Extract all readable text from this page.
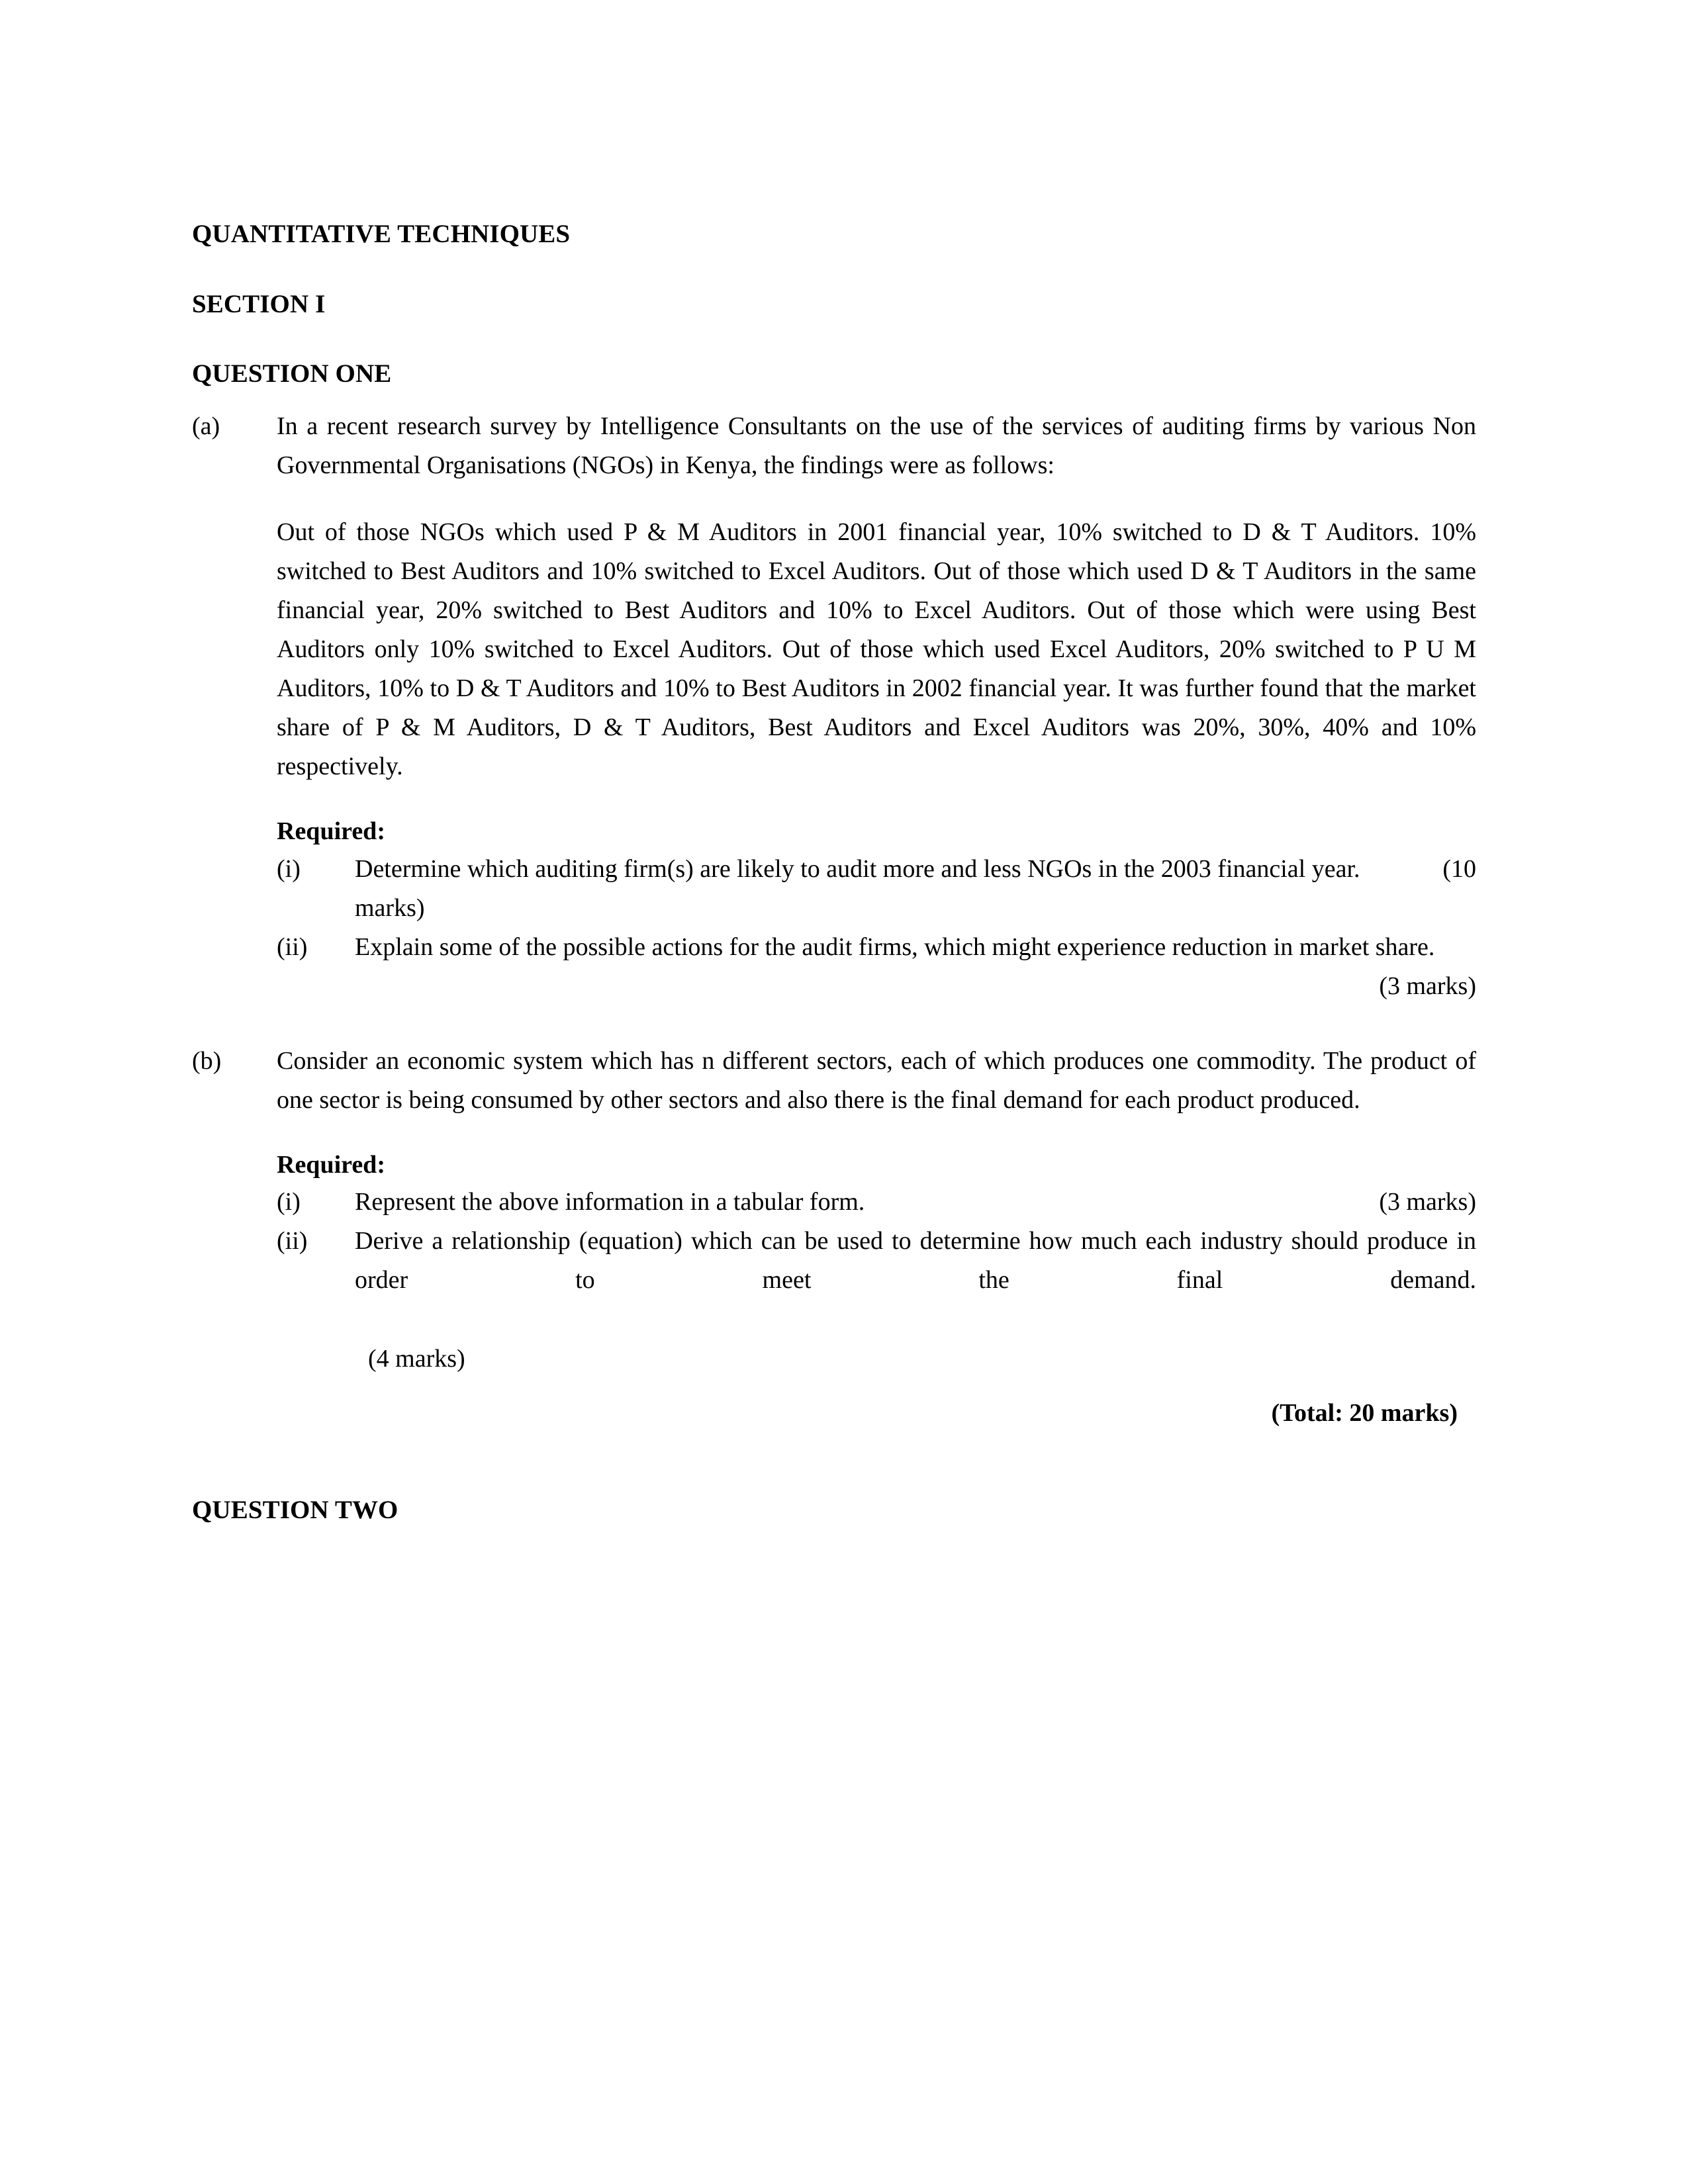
QUANTITATIVE TECHNIQUES
SECTION I
QUESTION ONE
(a)	In a recent research survey by Intelligence Consultants on the use of the services of auditing firms by various Non Governmental Organisations (NGOs) in Kenya, the findings were as follows:
Out of those NGOs which used P & M Auditors in 2001 financial year, 10% switched to D & T Auditors. 10% switched to Best Auditors and 10% switched to Excel Auditors. Out of those which used D & T Auditors in the same financial year, 20% switched to Best Auditors and 10% to Excel Auditors. Out of those which were using Best Auditors only 10% switched to Excel Auditors. Out of those which used Excel Auditors, 20% switched to P U M Auditors, 10% to D & T Auditors and 10% to Best Auditors in 2002 financial year. It was further found that the market share of P & M Auditors, D & T Auditors, Best Auditors and Excel Auditors was 20%, 30%, 40% and 10% respectively.
Required:
(i)	Determine which auditing firm(s) are likely to audit more and less NGOs in the 2003 financial year.	(10
marks)
(ii)	Explain some of the possible actions for the audit firms, which might experience reduction in market share.
(3 marks)
(b)	Consider an economic system which has n different sectors, each of which produces one commodity. The product of one sector is being consumed by other sectors and also there is the final demand for each product produced.
Required:
(i)	Represent the above information in a tabular form.	(3 marks)
(ii)	Derive a relationship (equation) which can be used to determine how much each industry should produce in order to meet the final demand.
(4 marks)
(Total: 20 marks)
QUESTION TWO
